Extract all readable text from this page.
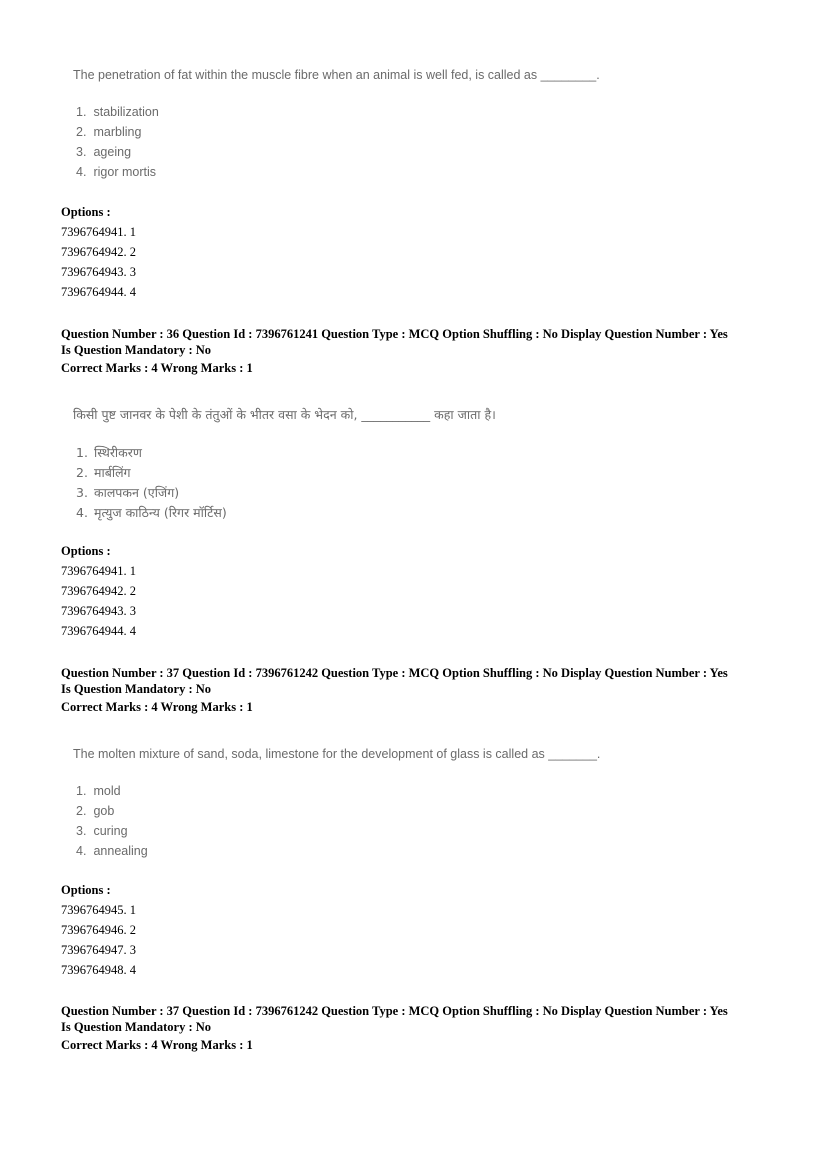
The penetration of fat within the muscle fibre when an animal is well fed, is called as ________.
1. stabilization
2. marbling
3. ageing
4. rigor mortis
Options :
7396764941. 1
7396764942. 2
7396764943. 3
7396764944. 4
Question Number : 36 Question Id : 7396761241 Question Type : MCQ Option Shuffling : No Display Question Number : Yes
Is Question Mandatory : No
Correct Marks : 4 Wrong Marks : 1
किसी पुष्ट जानवर के पेशी के तंतुओं के भीतर वसा के भेदन को, ___________ कहा जाता है।
1. स्थिरीकरण
2. मार्बलिंग
3. कालपकन (एजिंग)
4. मृत्युज काठिन्य (रिगर मॉर्टिस)
Options :
7396764941. 1
7396764942. 2
7396764943. 3
7396764944. 4
Question Number : 37 Question Id : 7396761242 Question Type : MCQ Option Shuffling : No Display Question Number : Yes
Is Question Mandatory : No
Correct Marks : 4 Wrong Marks : 1
The molten mixture of sand, soda, limestone for the development of glass is called as _______.
1. mold
2. gob
3. curing
4. annealing
Options :
7396764945. 1
7396764946. 2
7396764947. 3
7396764948. 4
Question Number : 37 Question Id : 7396761242 Question Type : MCQ Option Shuffling : No Display Question Number : Yes
Is Question Mandatory : No
Correct Marks : 4 Wrong Marks : 1
